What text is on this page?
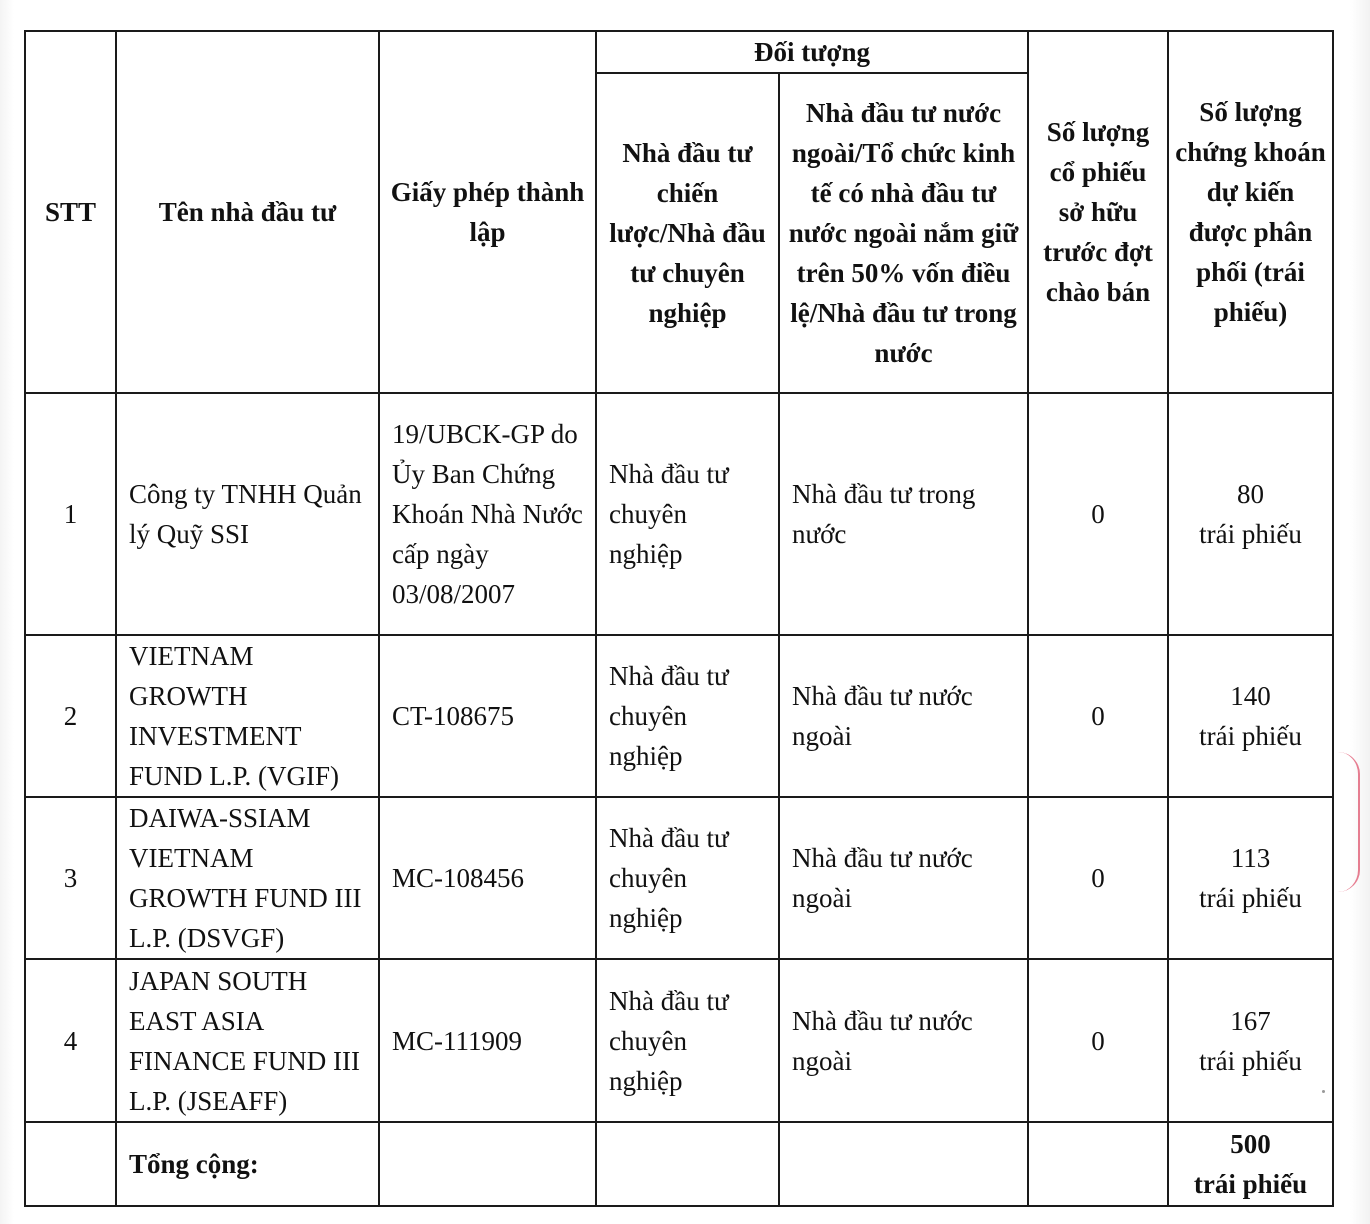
STT	Tên nhà đầu tư	Giấy phép thành lập	Đối tượng		Số lượng cổ phiếu sở hữu trước đợt chào bán	Số lượng chứng khoán dự kiến được phân phối (trái phiếu)
			Nhà đầu tư chiến lược/Nhà đầu tư chuyên nghiệp	Nhà đầu tư nước ngoài/Tổ chức kinh tế có nhà đầu tư nước ngoài nắm giữ trên 50% vốn điều lệ/Nhà đầu tư trong nước		
1	Công ty TNHH Quản lý Quỹ SSI	19/UBCK-GP do Ủy Ban Chứng Khoán Nhà Nước cấp ngày 03/08/2007	Nhà đầu tư chuyên nghiệp	Nhà đầu tư trong nước	0	80
trái phiếu

2	VIETNAM GROWTH INVESTMENT FUND L.P. (VGIF)	CT-108675	Nhà đầu tư chuyên nghiệp	Nhà đầu tư nước ngoài	0	140
trái phiếu

3	DAIWA-SSIAM VIETNAM GROWTH FUND III L.P. (DSVGF)	MC-108456	Nhà đầu tư chuyên nghiệp	Nhà đầu tư nước ngoài	0	113
trái phiếu

4	JAPAN SOUTH EAST ASIA FINANCE FUND III L.P. (JSEAFF)	MC-111909	Nhà đầu tư chuyên nghiệp	Nhà đầu tư nước ngoài	0	167
trái phiếu

	Tổng cộng:					500
trái phiếu
